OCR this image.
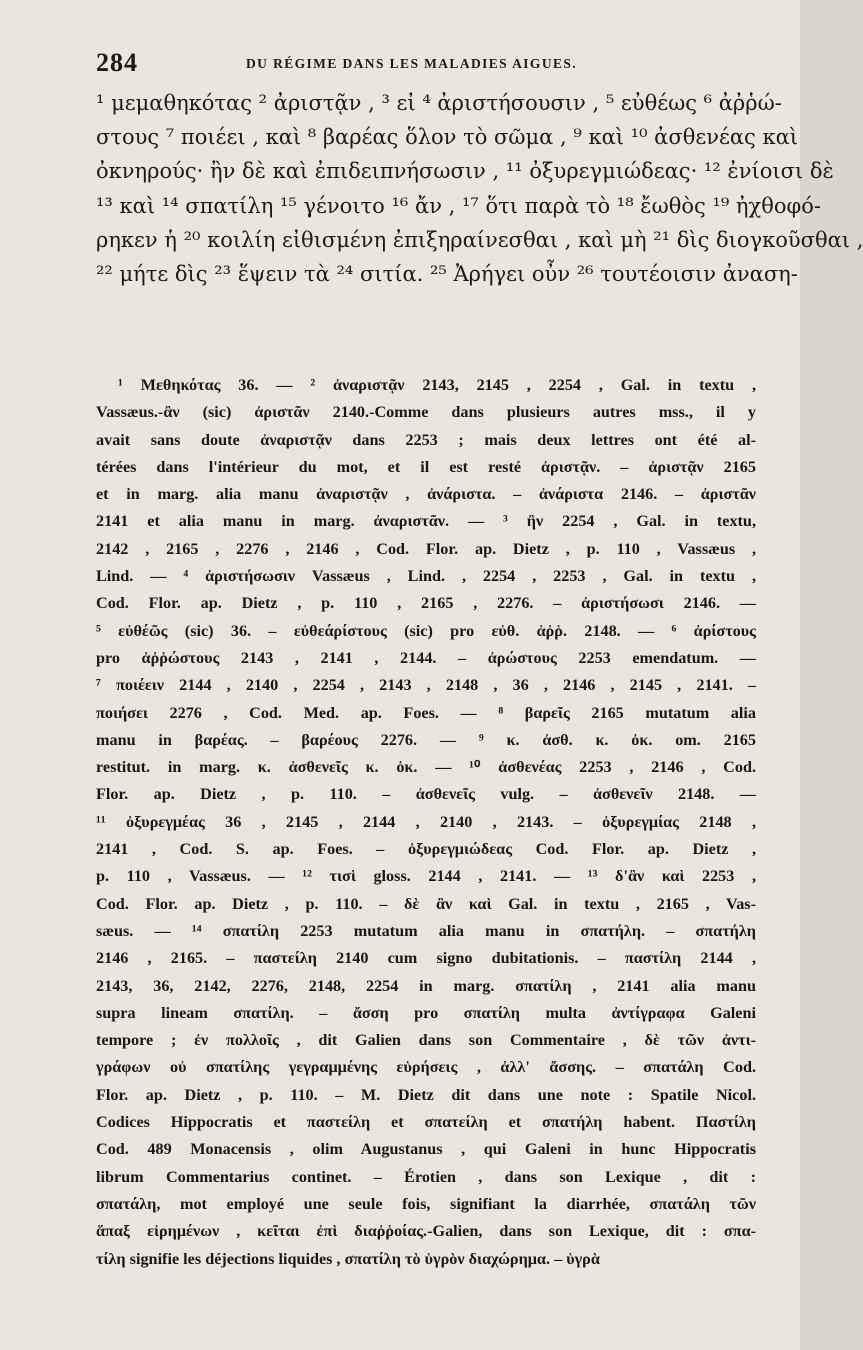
284	DU RÉGIME DANS LES MALADIES AIGUES.
¹ μεμαθηκότας ² ἀριστᾷν , ³ εἰ ⁴ ἀριστήσουσιν , ⁵ εὐθέως ⁶ ἀῤῥώ-
στους ⁷ ποιέει , καὶ ⁸ βαρέας ὅλον τὸ σῶμα , ⁹ καὶ ¹⁰ ἀσθενέας καὶ
ὀκνηρούς· ἢν δὲ καὶ ἐπιδειπνήσωσιν , ¹¹ ὀξυρεγμιώδεας· ¹² ἐνίοισι δὲ
¹³ καὶ ¹⁴ σπατίλη ¹⁵ γένοιτο ¹⁶ ἄν , ¹⁷ ὅτι παρὰ τὸ ¹⁸ ἔωθὸς ¹⁹ ἠχθοφό-
ρηκεν ἡ ²⁰ κοιλίη εἰθισμένη ἐπιξηραίνεσθαι , καὶ μὴ ²¹ δὶς διογκοῦσθαι ,
²² μήτε δὶς ²³ ἕψειν τὰ ²⁴ σιτία. ²⁵ Ἀρήγει οὖν ²⁶ τουτέοισιν ἀναση-
¹ Μεθηκότας 36. — ² ἀναριστᾷν 2143, 2145 , 2254 , Gal. in textu ,
Vassæus.-ἂν (sic) ἀριστᾶν 2140.-Comme dans plusieurs autres mss., il y
avait sans doute ἀναριστᾷν dans 2253 ; mais deux lettres ont été al-
térées dans l'intérieur du mot, et il est resté ἀριστᾷν. – ἀριστᾷν 2165
et in marg. alia manu ἀναριστᾷν , ἀνάριστα. – ἀνάριστα 2146. – ἀριστᾶν
2141 et alia manu in marg. ἀναριστᾶν. — ³ ἢν 2254 , Gal. in textu,
2142 , 2165 , 2276 , 2146 , Cod. Flor. ap. Dietz , p. 110 , Vassæus ,
Lind. — ⁴ ἀριστήσωσιν Vassæus , Lind. , 2254 , 2253 , Gal. in textu ,
Cod. Flor. ap. Dietz , p. 110 , 2165 , 2276. – ἀριστήσωσι 2146. —
⁵ εὐθέῶς (sic) 36. – εὐθεάρίστους (sic) pro εὐθ. ἀῤῥ. 2148. — ⁶ ἀρίστους
pro ἀῤῥώστους 2143 , 2141 , 2144. – ἀρώστους 2253 emendatum. —
⁷ ποιέειν 2144 , 2140 , 2254 , 2143 , 2148 , 36 , 2146 , 2145 , 2141. –
ποιήσει 2276 , Cod. Med. ap. Foes. — ⁸ βαρεῖς 2165 mutatum alia
manu in βαρέας. – βαρέους 2276. — ⁹ κ. ἀσθ. κ. ὀκ. om. 2165
restitut. in marg. κ. ἀσθενεῖς κ. ὀκ. — ¹⁰ ἀσθενέας 2253 , 2146 , Cod.
Flor. ap. Dietz , p. 110. – ἀσθενεῖς vulg. – ἀσθενεῖν 2148. —
¹¹ ὀξυρεγμέας 36 , 2145 , 2144 , 2140 , 2143. – ὀξυρεγμίας 2148 ,
2141 , Cod. S. ap. Foes. – ὀξυρεγμιώδεας Cod. Flor. ap. Dietz ,
p. 110 , Vassæus. — ¹² τισὶ gloss. 2144 , 2141. — ¹³ δ'ἂν καὶ 2253 ,
Cod. Flor. ap. Dietz , p. 110. – δὲ ἂν καὶ Gal. in textu , 2165 , Vas-
sæus. — ¹⁴ σπατίλη 2253 mutatum alia manu in σπατήλη. – σπατήλη
2146 , 2165. – παστείλη 2140 cum signo dubitationis. – παστίλη 2144 ,
2143, 36, 2142, 2276, 2148, 2254 in marg. σπατίλη , 2141 alia manu
supra lineam σπατίλη. – ἄσση pro σπατίλη multa ἀντίγραφα Galeni
tempore ; ἐν πολλοῖς , dit Galien dans son Commentaire , δὲ τῶν ἀντι-
γράφων οὐ σπατίλης γεγραμμένης εὑρήσεις , ἀλλ' ἄσσης. – σπατάλη Cod.
Flor. ap. Dietz , p. 110. – M. Dietz dit dans une note : Spatile Nicol.
Codices Hippocratis et παστείλη et σπατείλη et σπατήλη habent. Παστίλη
Cod. 489 Monacensis , olim Augustanus , qui Galeni in hunc Hippocratis
librum Commentarius continet. – Érotien , dans son Lexique , dit :
σπατάλη, mot employé une seule fois, signifiant la diarrhée, σπατάλη τῶν
ἅπαξ εἰρημένων , κεῖται ἐπὶ διαῤῥοίας.-Galien, dans son Lexique, dit : σπα-
τίλη signifie les déjections liquides , σπατίλη τὸ ὑγρὸν διαχώρημα. – ὑγρὰ
